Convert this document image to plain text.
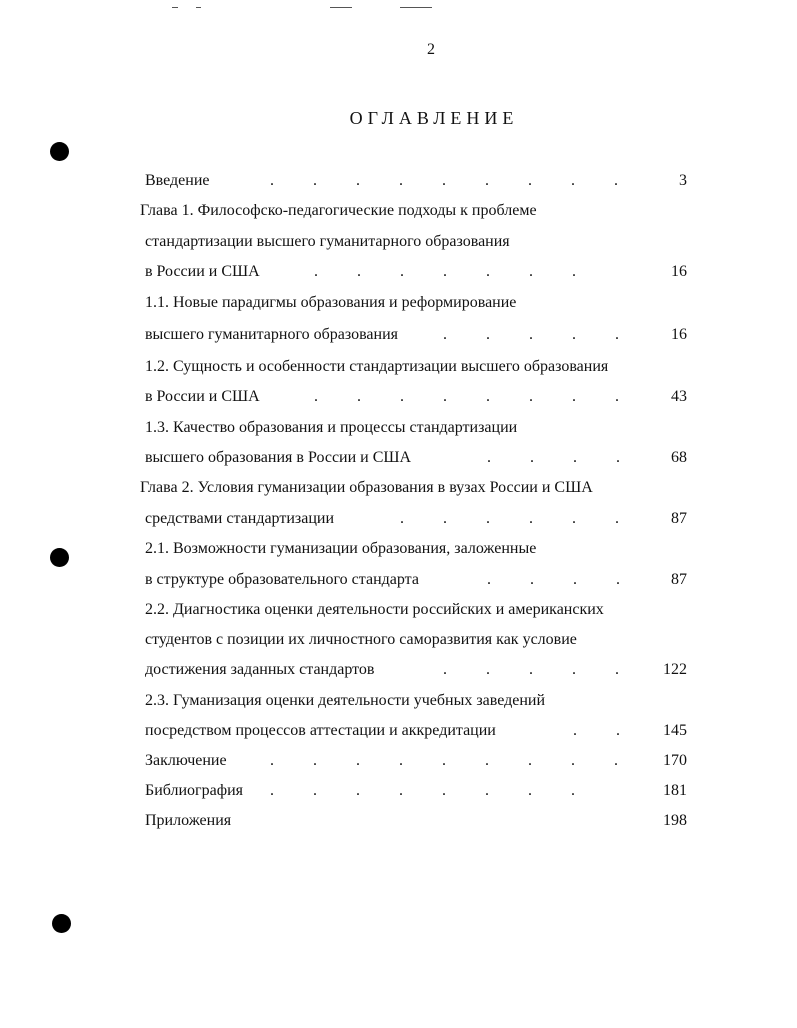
2
ОГЛАВЛЕНИЕ
Введение	. . . . . . . . .	3
Глава 1. Философско-педагогические подходы к проблеме
стандартизации высшего гуманитарного образования
в России и США	. . . . . . .	16
1.1. Новые парадигмы образования и реформирование
высшего гуманитарного образования	. . . . .	16
1.2. Сущность и особенности стандартизации высшего образования
в России и США	. . . . . . . .	43
1.3. Качество образования и процессы стандартизации
высшего образования в России и США	. . . .	68
Глава 2. Условия гуманизации образования в вузах России и США
средствами стандартизации	. . . . . .	87
2.1. Возможности гуманизации образования, заложенные
в структуре образовательного стандарта	. . . .	87
2.2. Диагностика оценки деятельности российских и американских
студентов с позиции их личностного саморазвития как условие
достижения заданных стандартов	. . . . .	122
2.3. Гуманизация оценки деятельности учебных заведений
посредством процессов аттестации и аккредитации	. .	145
Заключение	. . . . . . . . .	170
Библиография . . . . . . . .	181
Приложения	198
